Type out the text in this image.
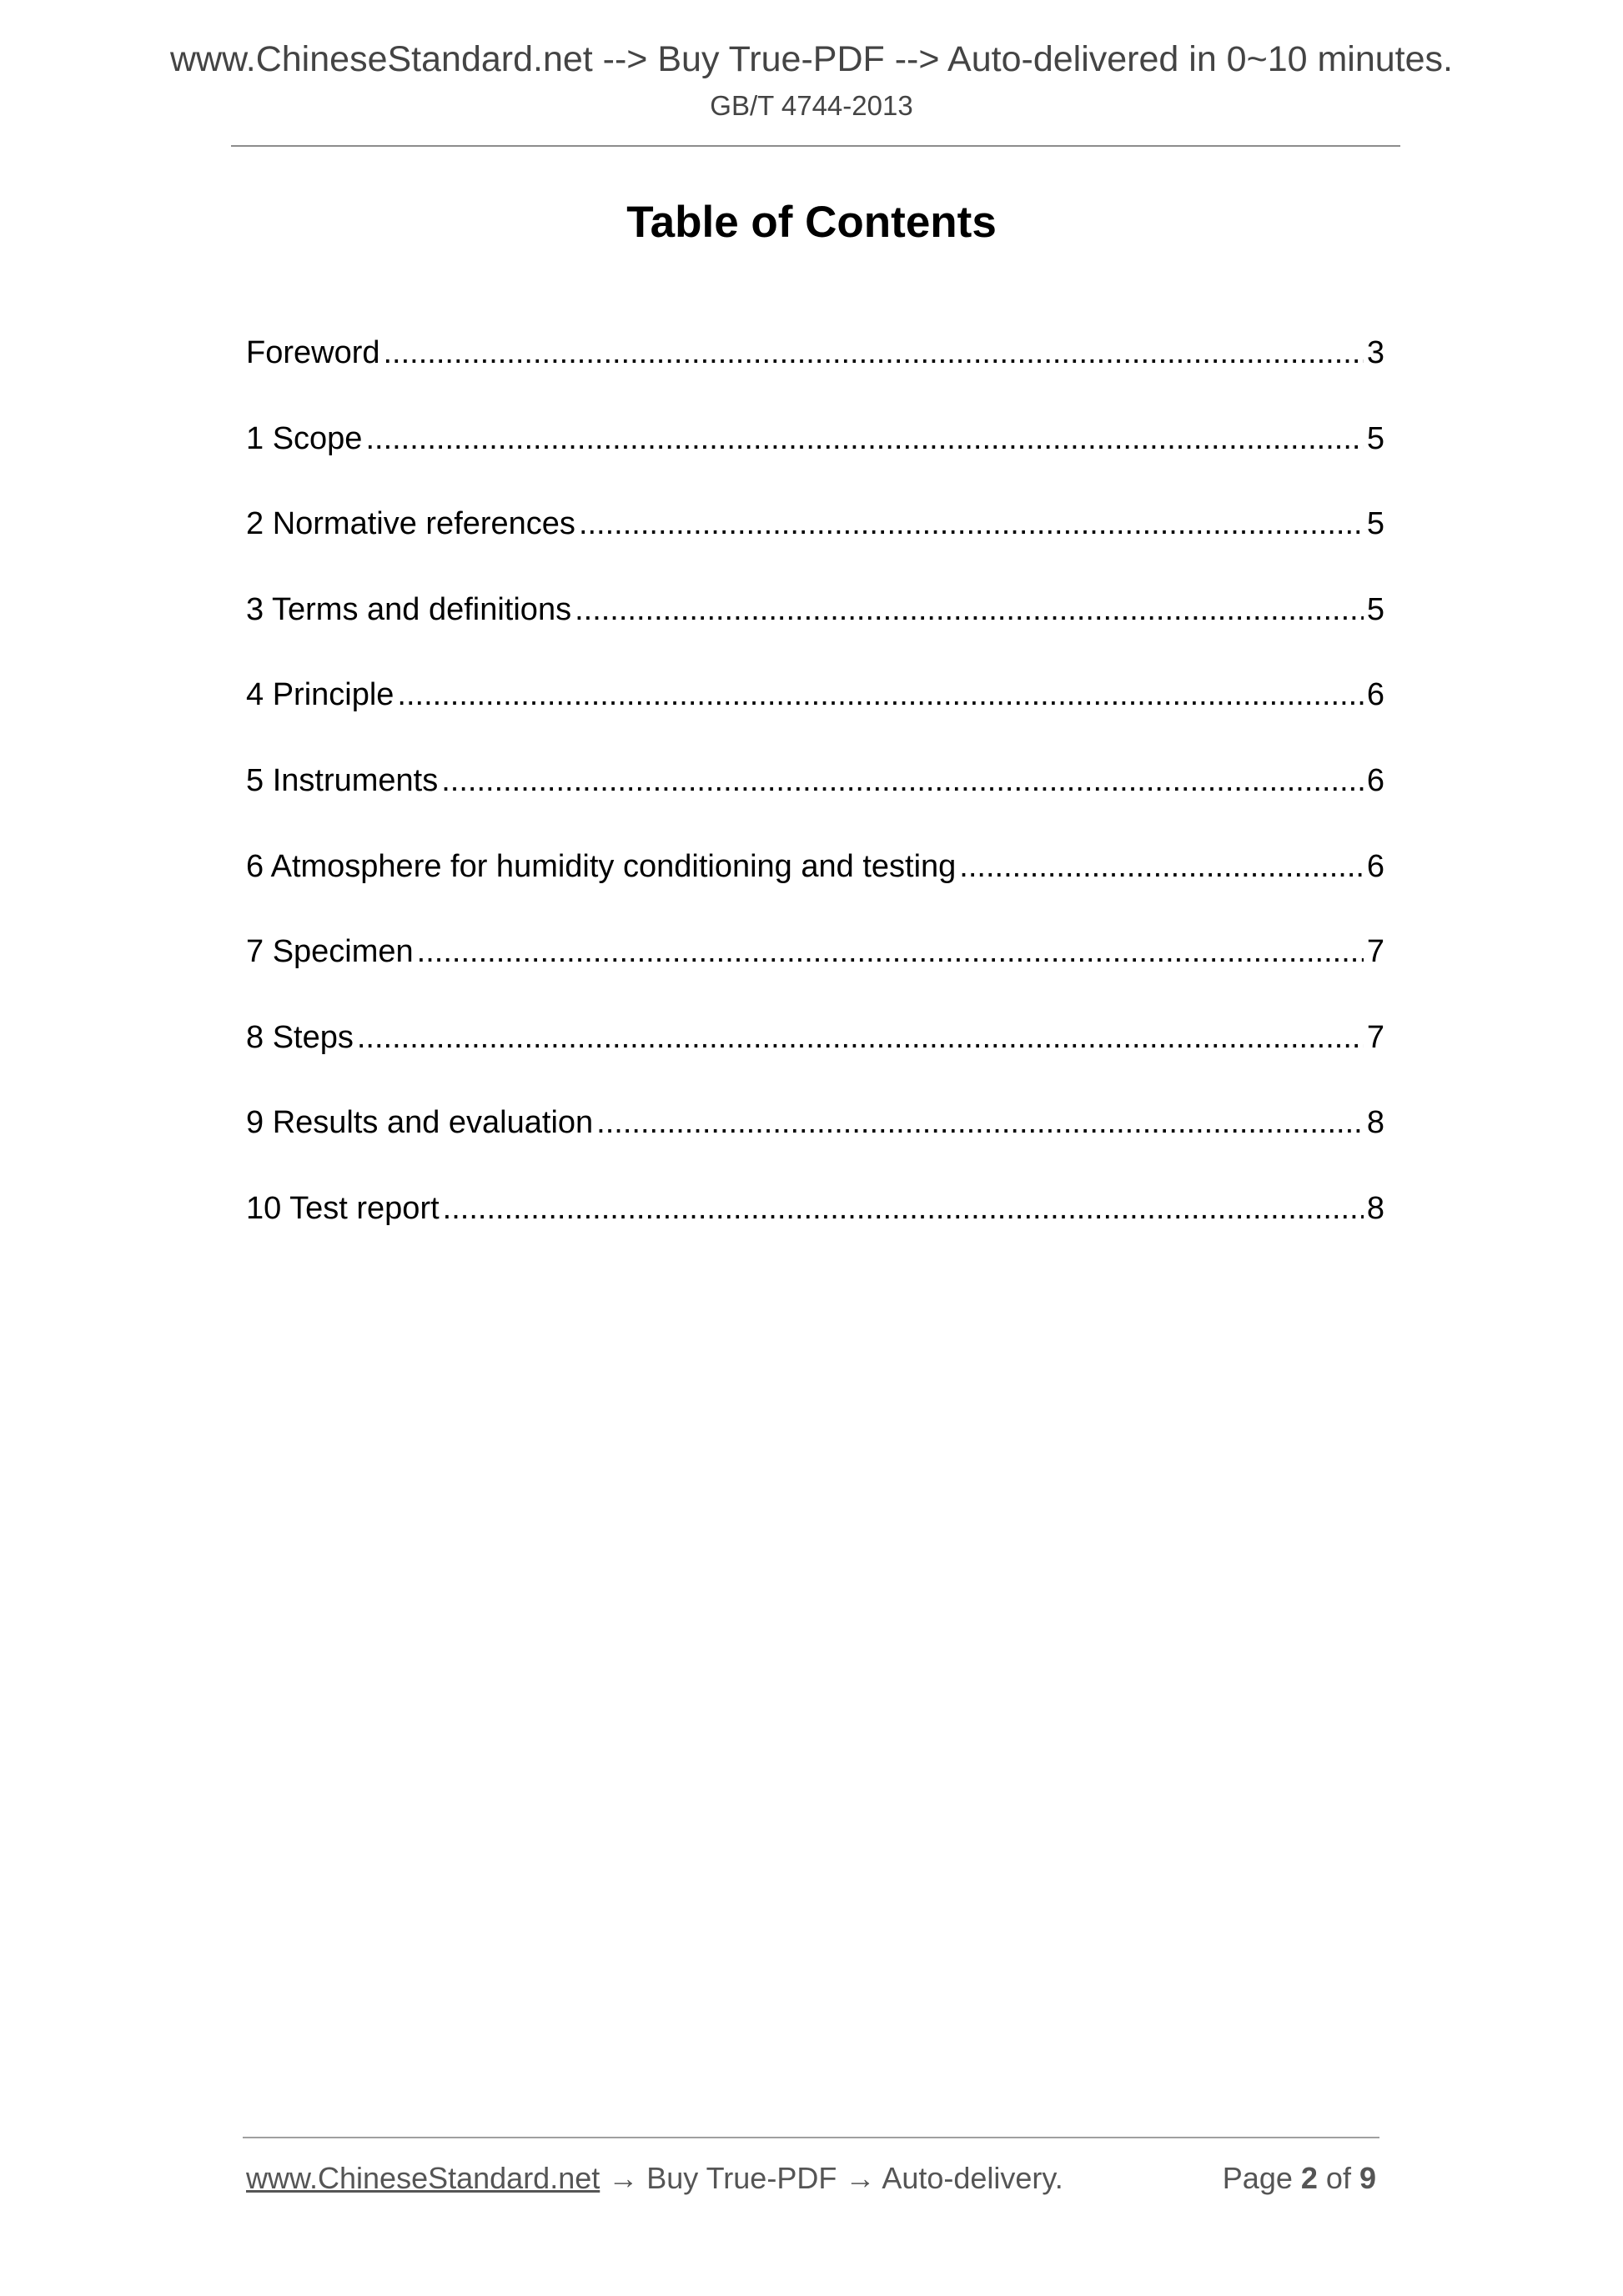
www.ChineseStandard.net --> Buy True-PDF --> Auto-delivered in 0~10 minutes.
GB/T 4744-2013
Table of Contents
Foreword .....	3
1 Scope .....	5
2 Normative references .....	5
3 Terms and definitions .....	5
4 Principle .....	6
5 Instruments .....	6
6 Atmosphere for humidity conditioning and testing .....	6
7 Specimen .....	7
8 Steps .....	7
9 Results and evaluation .....	8
10 Test report .....	8
www.ChineseStandard.net → Buy True-PDF → Auto-delivery.	Page 2 of 9
